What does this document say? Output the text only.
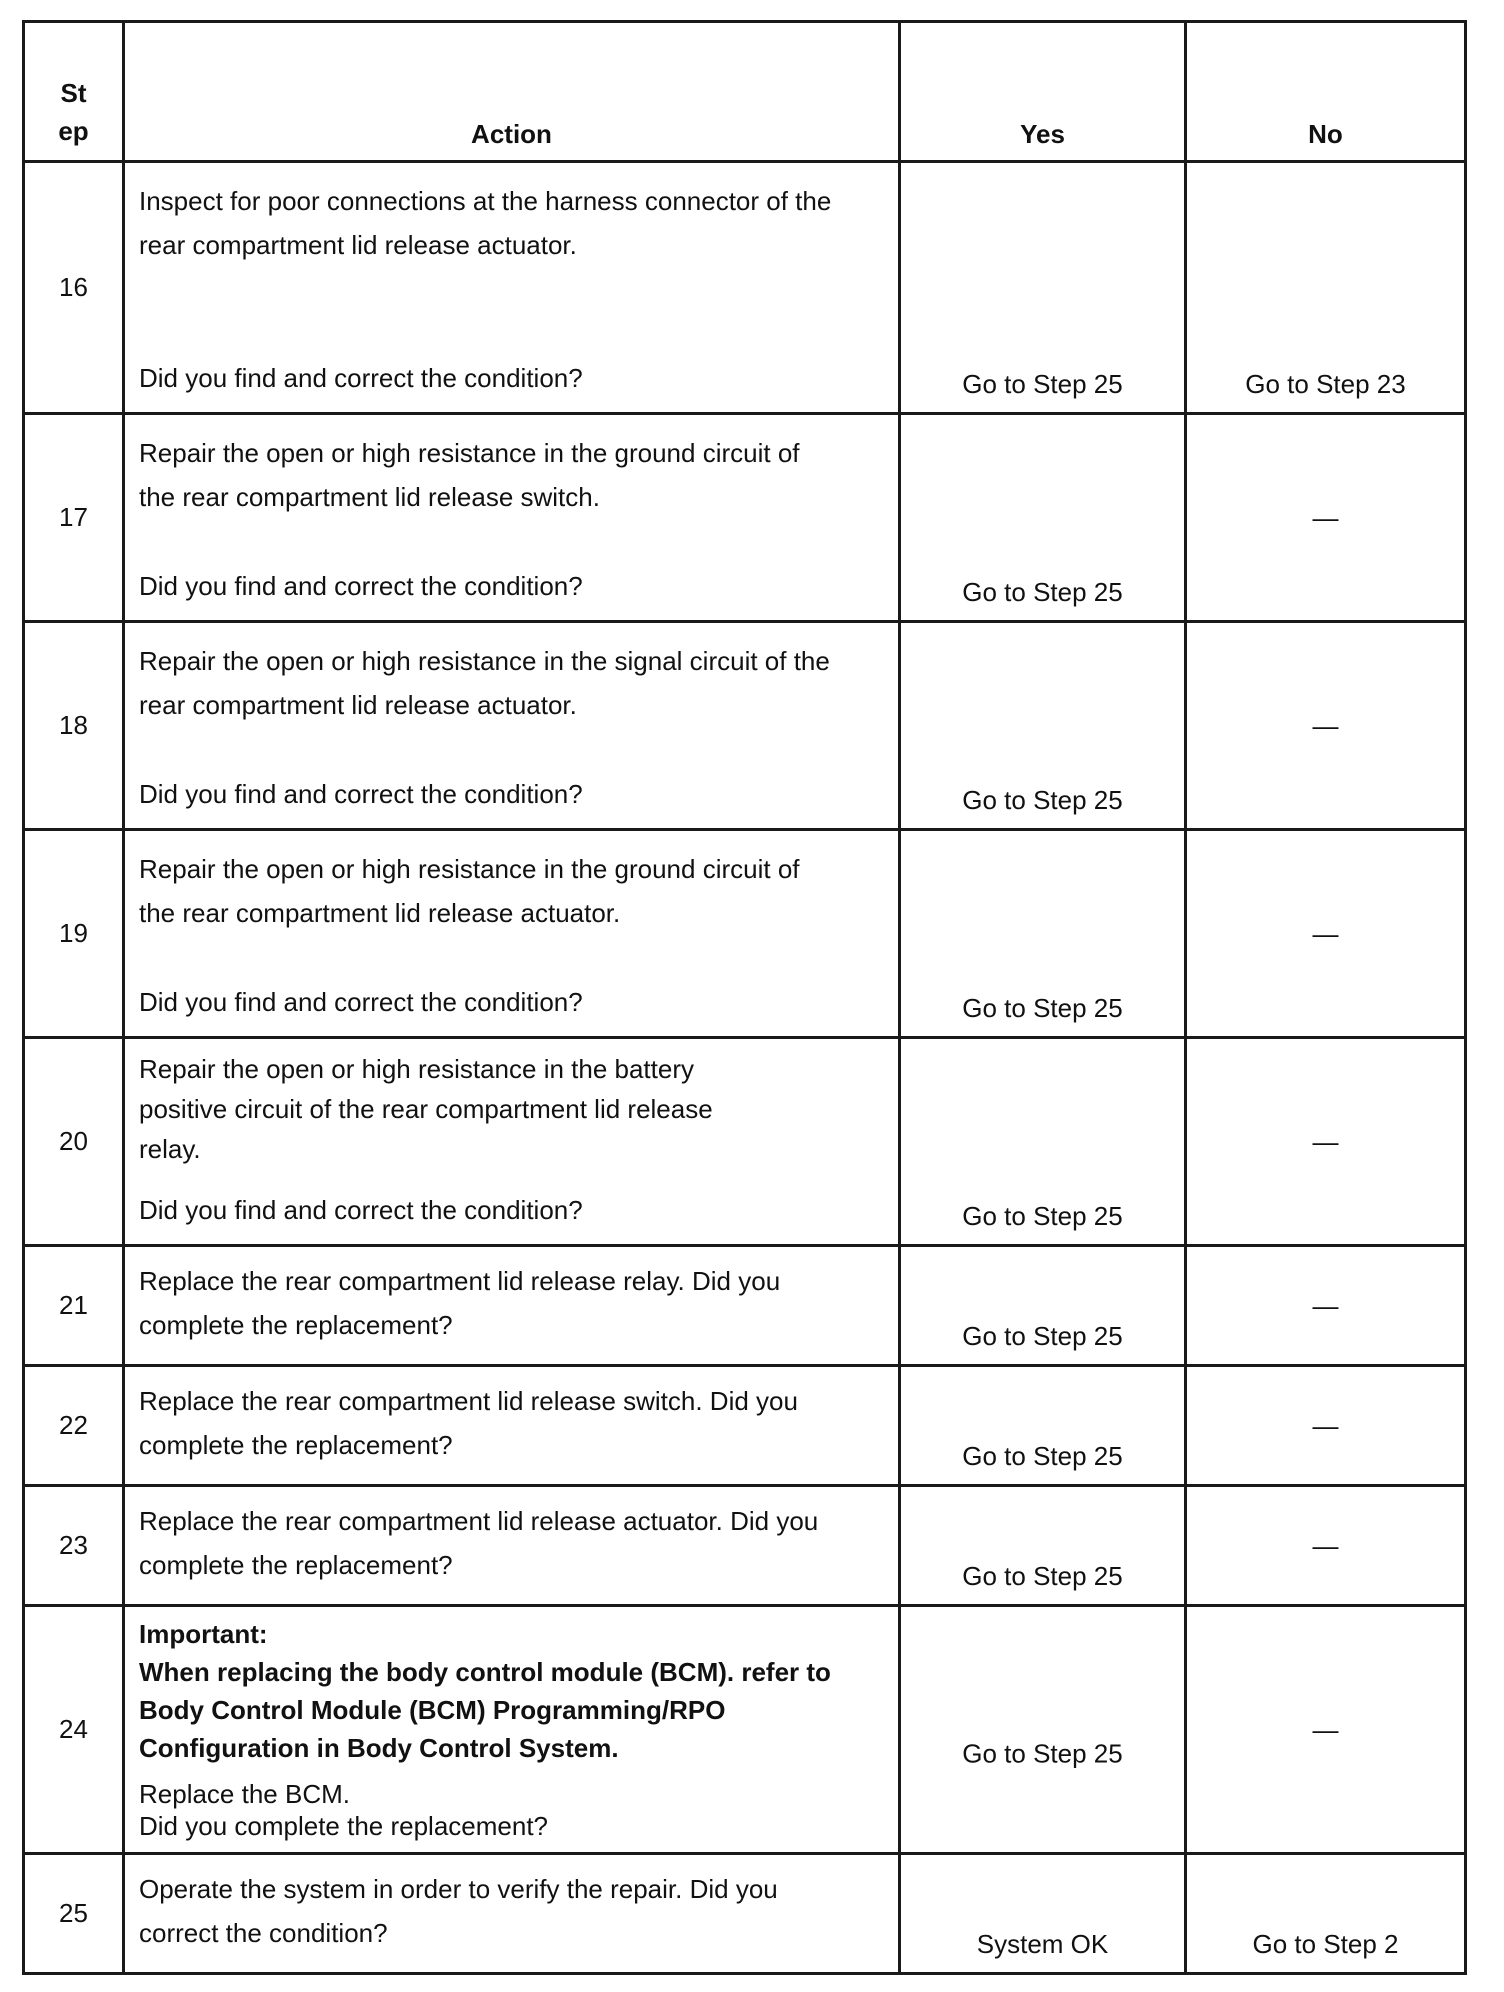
St
ep	Action	Yes	No
16	Inspect for poor connections at the harness connector of the rear compartment lid release actuator.
Did you find and correct the condition?	Go to Step 25	Go to Step 23

17	Repair the open or high resistance in the ground circuit of the rear compartment lid release switch.
Did you find and correct the condition?	Go to Step 25	—

18	Repair the open or high resistance in the signal circuit of the rear compartment lid release actuator.
Did you find and correct the condition?	Go to Step 25	—

19	Repair the open or high resistance in the ground circuit of the rear compartment lid release actuator.
Did you find and correct the condition?	Go to Step 25	—

20	Repair the open or high resistance in the battery positive circuit of the rear compartment lid release relay.
Did you find and correct the condition?	Go to Step 25	—

21	Replace the rear compartment lid release relay. Did you complete the replacement?	Go to Step 25	—

22	Replace the rear compartment lid release switch. Did you complete the replacement?	Go to Step 25	—

23	Replace the rear compartment lid release actuator. Did you complete the replacement?	Go to Step 25	—

24	Important:
When replacing the body control module (BCM). refer to Body Control Module (BCM) Programming/RPO Configuration in Body Control System.
Replace the BCM.
Did you complete the replacement?	Go to Step 25	—

25	Operate the system in order to verify the repair. Did you correct the condition?	System OK	Go to Step 2
